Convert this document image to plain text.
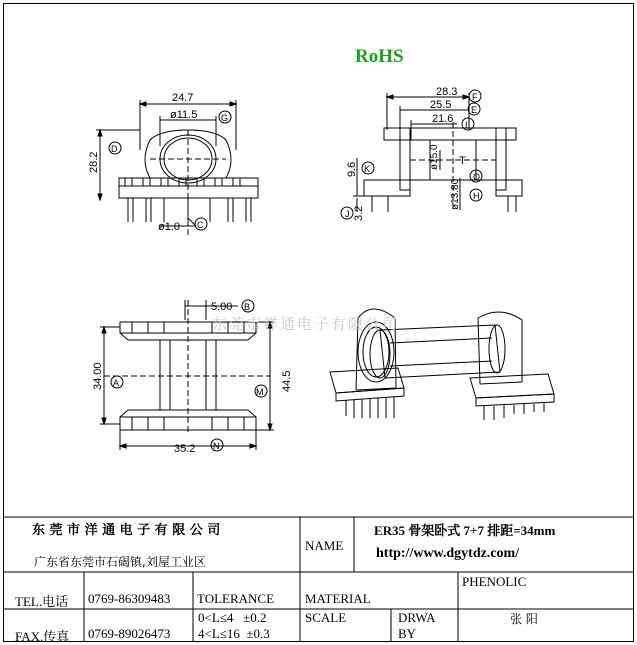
RoHS
24.7
ø11.5
28.2
ø1.0
28.3
25.5
21.6
9.6
3.2
ø15.0 T
ø13.80
5.00
34.00	44.5
35.2
D
G
C
F
E
I
K
J
H
O
B
A
M
N
东莞市祥通电子有限公司
东 莞 市 洋 通 电 子 有 限 公 司
广东省东莞市石碣镇,刘屋工业区
NAME
ER35 骨架卧式 7+7 排距=34mm
http://www.dgytdz.com/
TEL.电话 0769-86309483
FAX.传真 0769-89026473
TOLERANCE
0<L≤4   ±0.2
4<L≤16  ±0.3
MATERIAL
PHENOLIC
SCALE	DRWA
BY
张 阳
